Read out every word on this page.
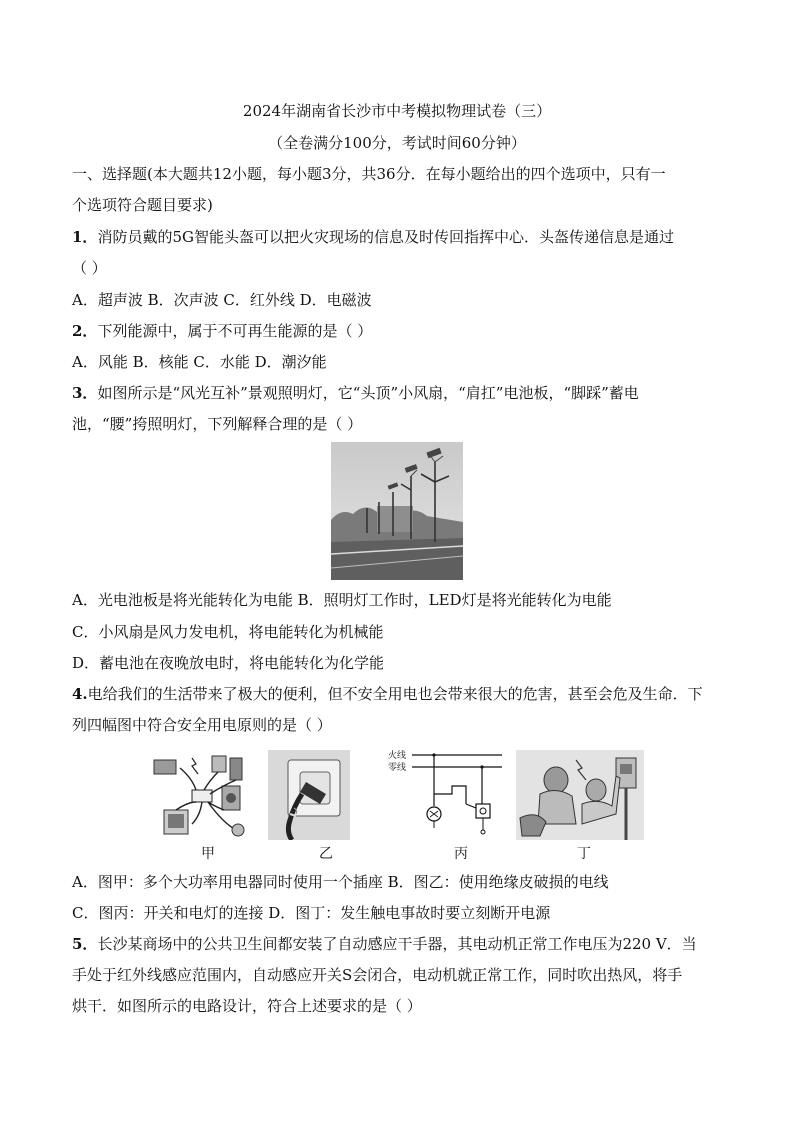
2024年湖南省长沙市中考模拟物理试卷（三）
（全卷满分100分，考试时间60分钟）
一、选择题(本大题共12小题，每小题3分，共36分．在每小题给出的四个选项中，只有一
个选项符合题目要求)
1．消防员戴的5G智能头盔可以把火灾现场的信息及时传回指挥中心．头盔传递信息是通过
（ ）
A．超声波 B．次声波 C．红外线 D．电磁波
2．下列能源中，属于不可再生能源的是（ ）
A．风能 B．核能 C．水能 D．潮汐能
3．如图所示是“风光互补”景观照明灯，它“头顶”小风扇，“肩扛”电池板，“脚踩”蓄电
池，“腰”挎照明灯，下列解释合理的是（ ）
A．光电池板是将光能转化为电能 B．照明灯工作时，LED灯是将光能转化为电能
C．小风扇是风力发电机，将电能转化为机械能
D．蓄电池在夜晚放电时，将电能转化为化学能
4.电给我们的生活带来了极大的便利，但不安全用电也会带来很大的危害，甚至会危及生命．下
列四幅图中符合安全用电原则的是（ ）
火线
零线
甲	乙	丙	丁
A．图甲：多个大功率用电器同时使用一个插座 B．图乙：使用绝缘皮破损的电线
C．图丙：开关和电灯的连接 D．图丁：发生触电事故时要立刻断开电源
5．长沙某商场中的公共卫生间都安装了自动感应干手器，其电动机正常工作电压为220 V．当
手处于红外线感应范围内，自动感应开关S会闭合，电动机就正常工作，同时吹出热风，将手
烘干．如图所示的电路设计，符合上述要求的是（ ）
